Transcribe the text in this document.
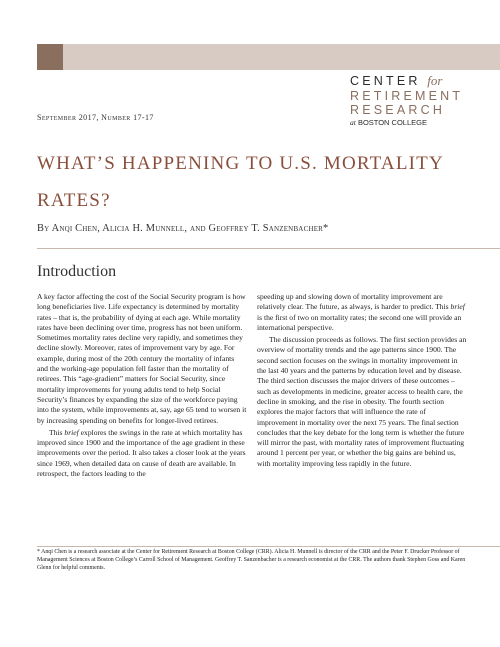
CENTER for
RETIREMENT
RESEARCH
at BOSTON COLLEGE
September 2017, Number 17-17
WHAT’S HAPPENING TO U.S. MORTALITY RATES?
By Anqi Chen, Alicia H. Munnell, and Geoffrey T. Sanzenbacher*
Introduction

A key factor affecting the cost of the Social Security program is how long beneficiaries live. Life expectancy is determined by mortality rates – that is, the probability of dying at each age. While mortality rates have been declining over time, progress has not been uniform. Sometimes mortality rates decline very rapidly, and sometimes they decline slowly. Moreover, rates of improvement vary by age. For example, during most of the 20th century the mortality of infants and the working-age population fell faster than the mortality of retirees. This “age-gradient” matters for Social Security, since mortality improvements for young adults tend to help Social Security’s finances by expanding the size of the workforce paying into the system, while improvements at, say, age 65 tend to worsen it by increasing spending on benefits for longer-lived retirees.

This brief explores the swings in the rate at which mortality has improved since 1900 and the importance of the age gradient in these improvements over the period. It also takes a closer look at the years since 1969, when detailed data on cause of death are available. In retrospect, the factors leading to the

speeding up and slowing down of mortality improvement are relatively clear. The future, as always, is harder to predict. This brief is the first of two on mortality rates; the second one will provide an international perspective.

The discussion proceeds as follows. The first section provides an overview of mortality trends and the age patterns since 1900. The second section focuses on the swings in mortality improvement in the last 40 years and the patterns by education level and by disease. The third section discusses the major drivers of these outcomes – such as developments in medicine, greater access to health care, the decline in smoking, and the rise in obesity. The fourth section explores the major factors that will influence the rate of improvement in mortality over the next 75 years. The final section concludes that the key debate for the long term is whether the future will mirror the past, with mortality rates of improvement fluctuating around 1 percent per year, or whether the big gains are behind us, with mortality improving less rapidly in the future.

* Anqi Chen is a research associate at the Center for Retirement Research at Boston College (CRR). Alicia H. Munnell is director of the CRR and the Peter F. Drucker Professor of Management Sciences at Boston College’s Carroll School of Management. Geoffrey T. Sanzenbacher is a research economist at the CRR. The authors thank Stephen Goss and Karen Glenn for helpful comments.
